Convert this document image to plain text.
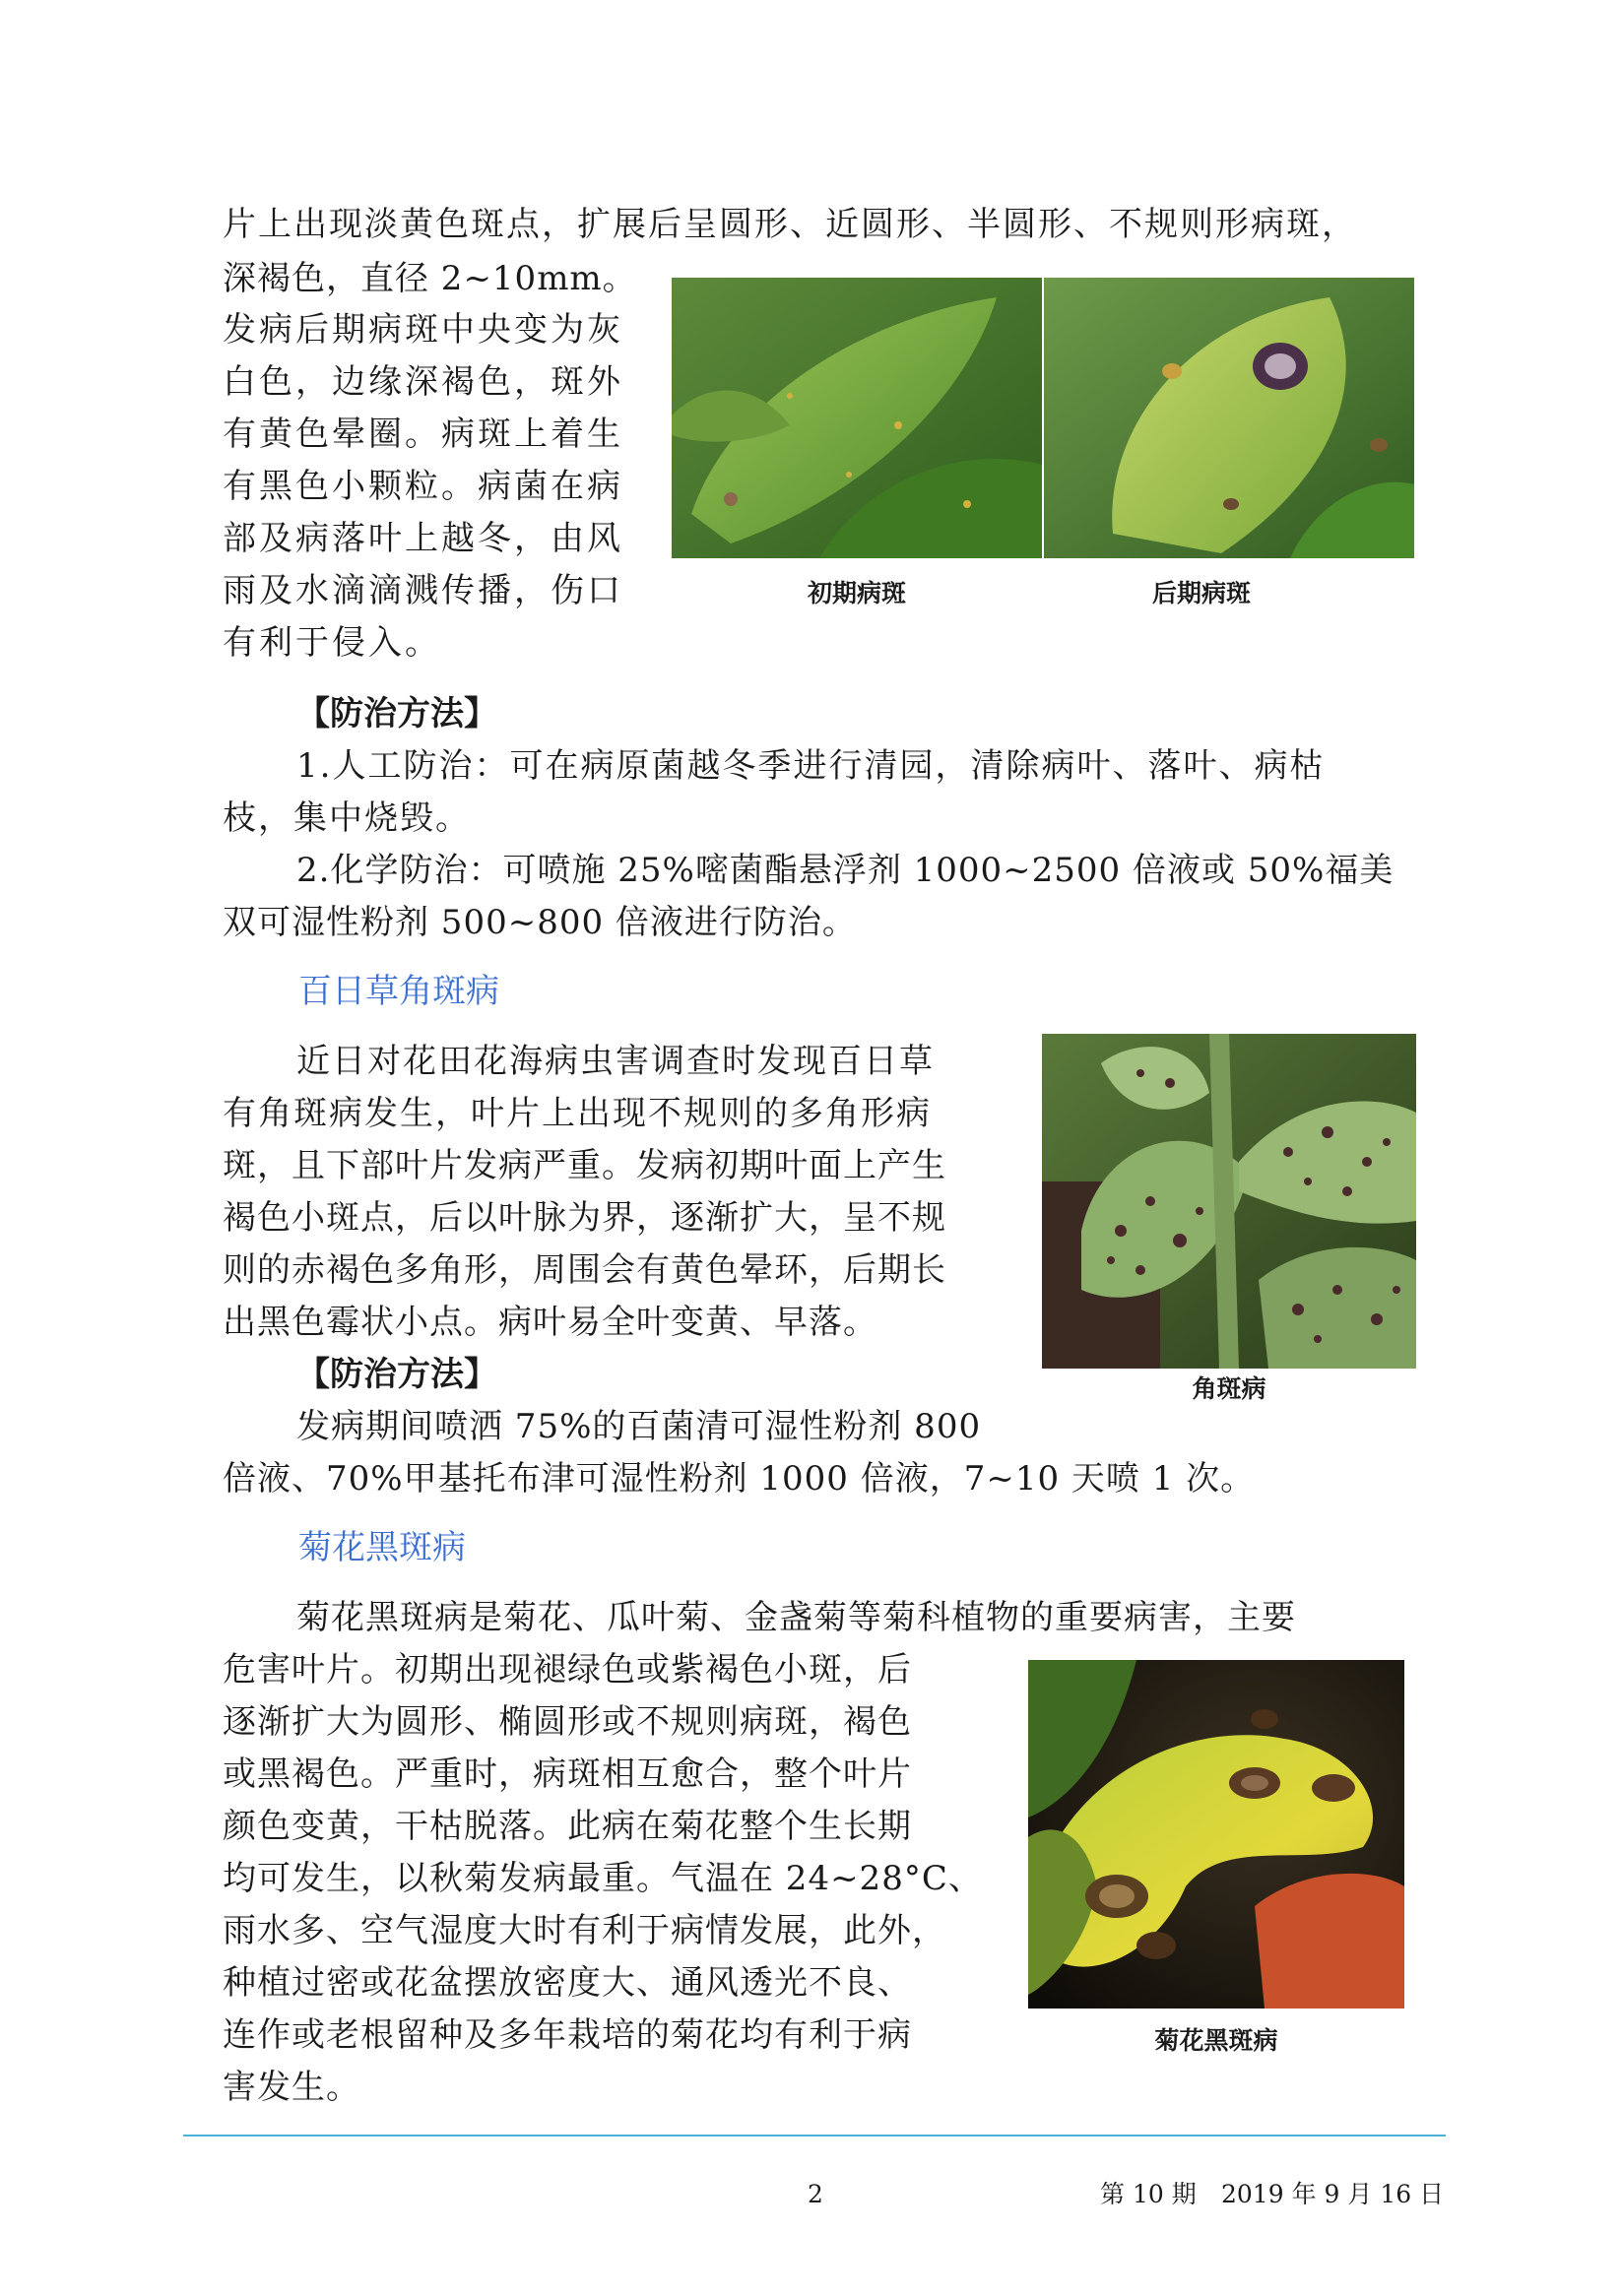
片上出现淡黄色斑点，扩展后呈圆形、近圆形、半圆形、不规则形病斑，
深褐色，直径 2~10mm。
发病后期病斑中央变为灰
白色，边缘深褐色，斑外
有黄色晕圈。病斑上着生
有黑色小颗粒。病菌在病
部及病落叶上越冬，由风
雨及水滴滴溅传播，伤口
有利于侵入。
初期病斑	后期病斑
【防治方法】
1.人工防治：可在病原菌越冬季进行清园，清除病叶、落叶、病枯
枝，集中烧毁。
2.化学防治：可喷施 25%嘧菌酯悬浮剂 1000~2500 倍液或 50%福美
双可湿性粉剂 500~800 倍液进行防治。
百日草角斑病
近日对花田花海病虫害调查时发现百日草
有角斑病发生，叶片上出现不规则的多角形病
斑，且下部叶片发病严重。发病初期叶面上产生
褐色小斑点，后以叶脉为界，逐渐扩大，呈不规
则的赤褐色多角形，周围会有黄色晕环，后期长
出黑色霉状小点。病叶易全叶变黄、早落。
【防治方法】
发病期间喷洒 75%的百菌清可湿性粉剂 800
倍液、70%甲基托布津可湿性粉剂 1000 倍液，7~10 天喷 1 次。
角斑病
菊花黑斑病
菊花黑斑病是菊花、瓜叶菊、金盏菊等菊科植物的重要病害，主要
危害叶片。初期出现褪绿色或紫褐色小斑，后
逐渐扩大为圆形、椭圆形或不规则病斑，褐色
或黑褐色。严重时，病斑相互愈合，整个叶片
颜色变黄，干枯脱落。此病在菊花整个生长期
均可发生，以秋菊发病最重。气温在 24~28°C、
雨水多、空气湿度大时有利于病情发展，此外，
种植过密或花盆摆放密度大、通风透光不良、
连作或老根留种及多年栽培的菊花均有利于病
害发生。
菊花黑斑病
2	第 10 期 2019 年 9 月 16 日
